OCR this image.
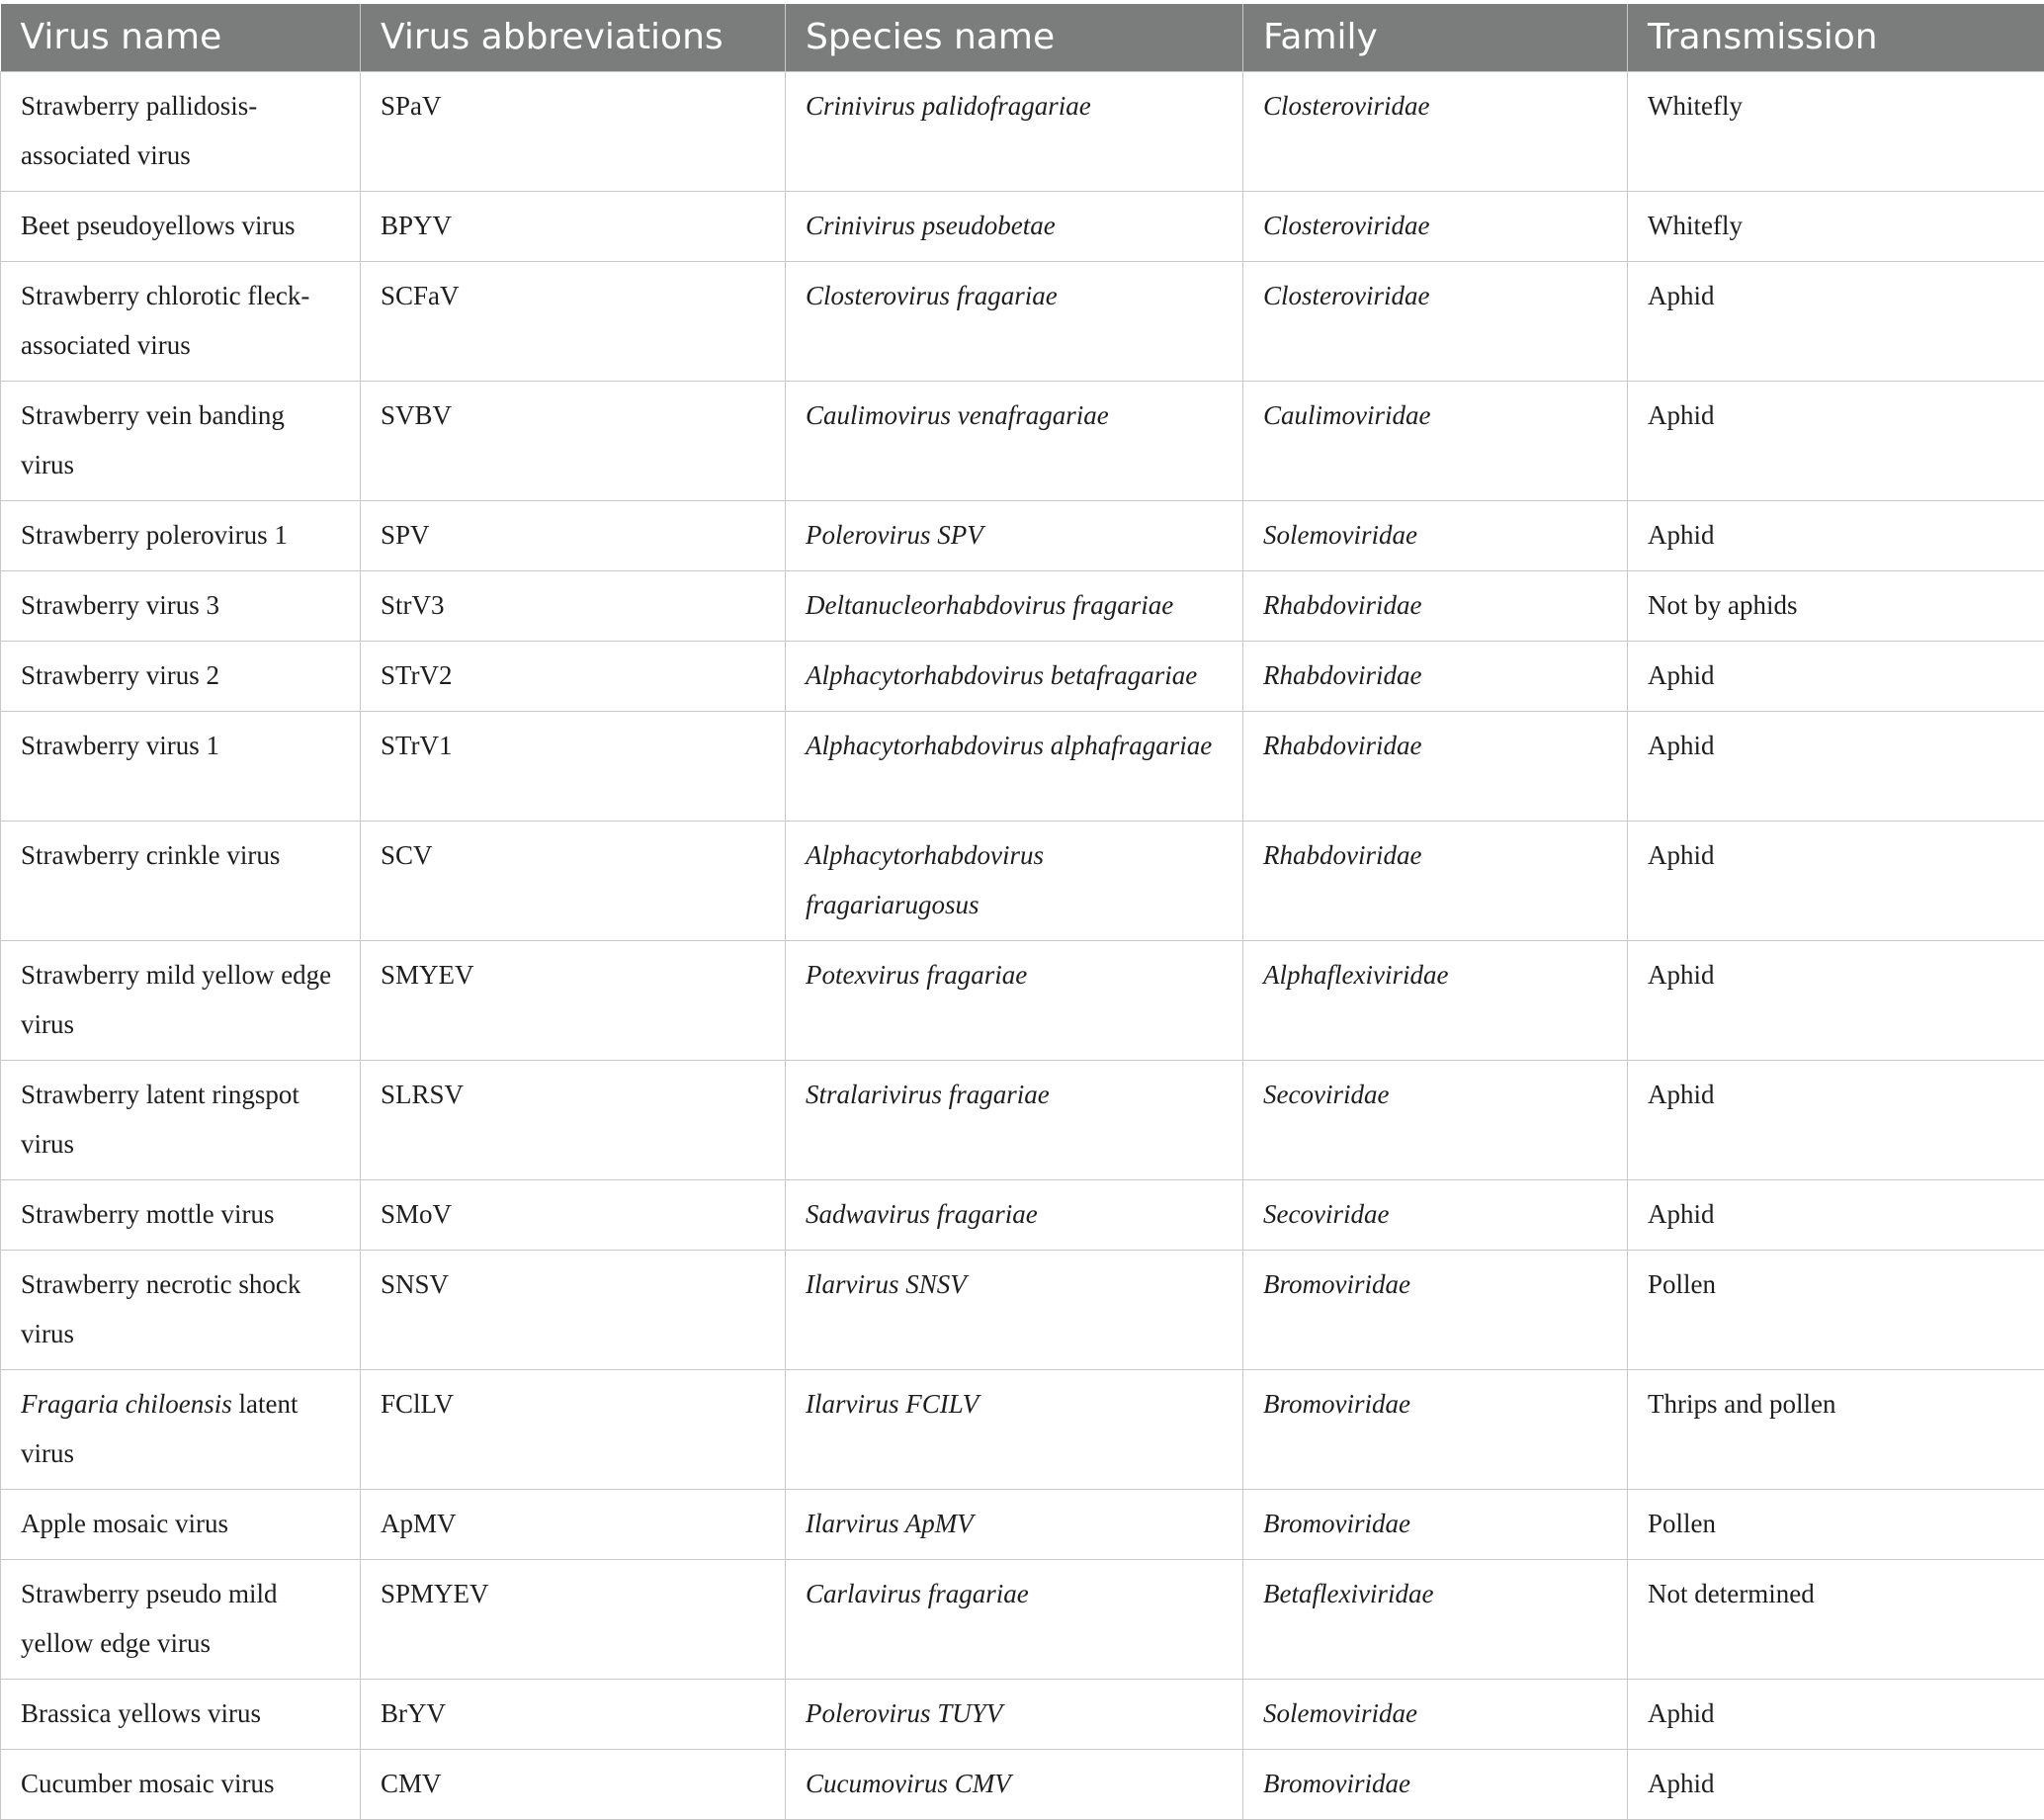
Virus name	Virus abbreviations	Species name	Family	Transmission
Strawberry pallidosis-associated virus	SPaV	Crinivirus palidofragariae	Closteroviridae	Whitefly
Beet pseudoyellows virus	BPYV	Crinivirus pseudobetae	Closteroviridae	Whitefly
Strawberry chlorotic fleck-associated virus	SCFaV	Closterovirus fragariae	Closteroviridae	Aphid
Strawberry vein banding virus	SVBV	Caulimovirus venafragariae	Caulimoviridae	Aphid
Strawberry polerovirus 1	SPV	Polerovirus SPV	Solemoviridae	Aphid
Strawberry virus 3	StrV3	Deltanucleorhabdovirus fragariae	Rhabdoviridae	Not by aphids
Strawberry virus 2	STrV2	Alphacytorhabdovirus betafragariae	Rhabdoviridae	Aphid
Strawberry virus 1	STrV1	Alphacytorhabdovirus alphafragariae	Rhabdoviridae	Aphid
Strawberry crinkle virus	SCV	Alphacytorhabdovirus fragariarugosus	Rhabdoviridae	Aphid
Strawberry mild yellow edge virus	SMYEV	Potexvirus fragariae	Alphaflexiviridae	Aphid
Strawberry latent ringspot virus	SLRSV	Stralarivirus fragariae	Secoviridae	Aphid
Strawberry mottle virus	SMoV	Sadwavirus fragariae	Secoviridae	Aphid
Strawberry necrotic shock virus	SNSV	Ilarvirus SNSV	Bromoviridae	Pollen
Fragaria chiloensis latent virus	FClLV	Ilarvirus FCILV	Bromoviridae	Thrips and pollen
Apple mosaic virus	ApMV	Ilarvirus ApMV	Bromoviridae	Pollen
Strawberry pseudo mild yellow edge virus	SPMYEV	Carlavirus fragariae	Betaflexiviridae	Not determined
Brassica yellows virus	BrYV	Polerovirus TUYV	Solemoviridae	Aphid
Cucumber mosaic virus	CMV	Cucumovirus CMV	Bromoviridae	Aphid
